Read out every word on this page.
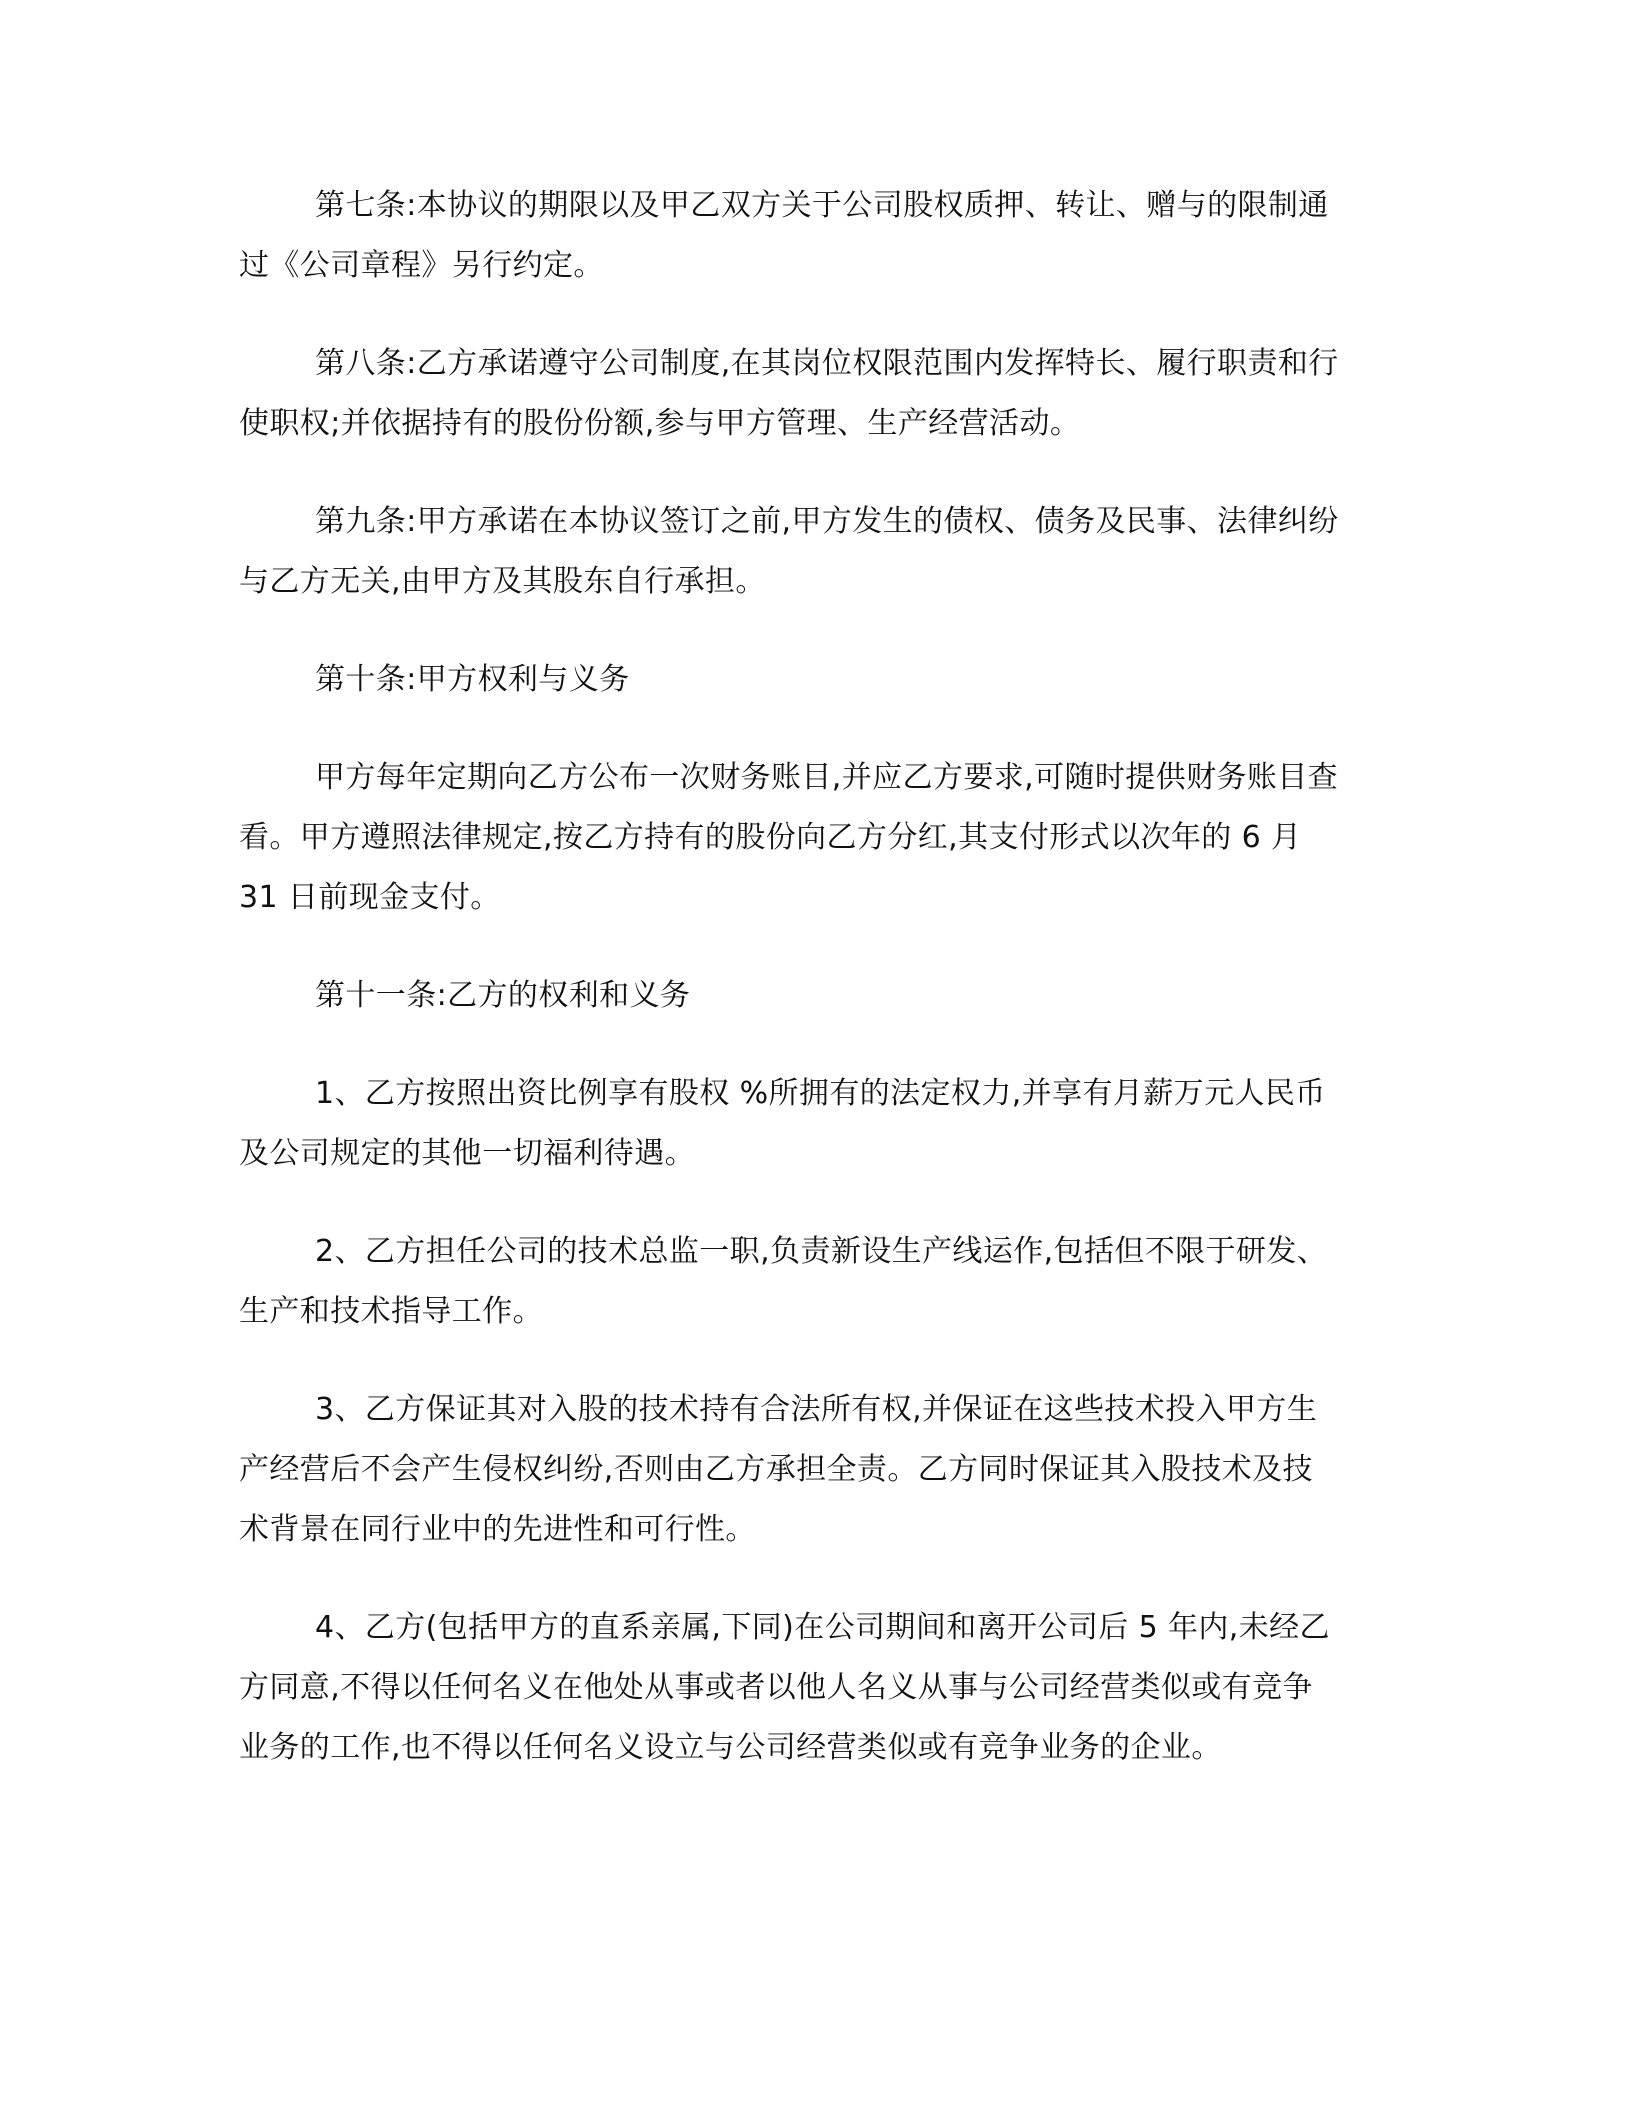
第七条:本协议的期限以及甲乙双方关于公司股权质押、转让、赠与的限制通
过《公司章程》另行约定。
第八条:乙方承诺遵守公司制度,在其岗位权限范围内发挥特长、履行职责和行
使职权;并依据持有的股份份额,参与甲方管理、生产经营活动。
第九条:甲方承诺在本协议签订之前,甲方发生的债权、债务及民事、法律纠纷
与乙方无关,由甲方及其股东自行承担。
第十条:甲方权利与义务
甲方每年定期向乙方公布一次财务账目,并应乙方要求,可随时提供财务账目查
看。甲方遵照法律规定,按乙方持有的股份向乙方分红,其支付形式以次年的 6 月
31 日前现金支付。
第十一条:乙方的权利和义务
1、乙方按照出资比例享有股权 %所拥有的法定权力,并享有月薪万元人民币
及公司规定的其他一切福利待遇。
2、乙方担任公司的技术总监一职,负责新设生产线运作,包括但不限于研发、
生产和技术指导工作。
3、乙方保证其对入股的技术持有合法所有权,并保证在这些技术投入甲方生
产经营后不会产生侵权纠纷,否则由乙方承担全责。乙方同时保证其入股技术及技
术背景在同行业中的先进性和可行性。
4、乙方(包括甲方的直系亲属,下同)在公司期间和离开公司后 5 年内,未经乙
方同意,不得以任何名义在他处从事或者以他人名义从事与公司经营类似或有竞争
业务的工作,也不得以任何名义设立与公司经营类似或有竞争业务的企业。
